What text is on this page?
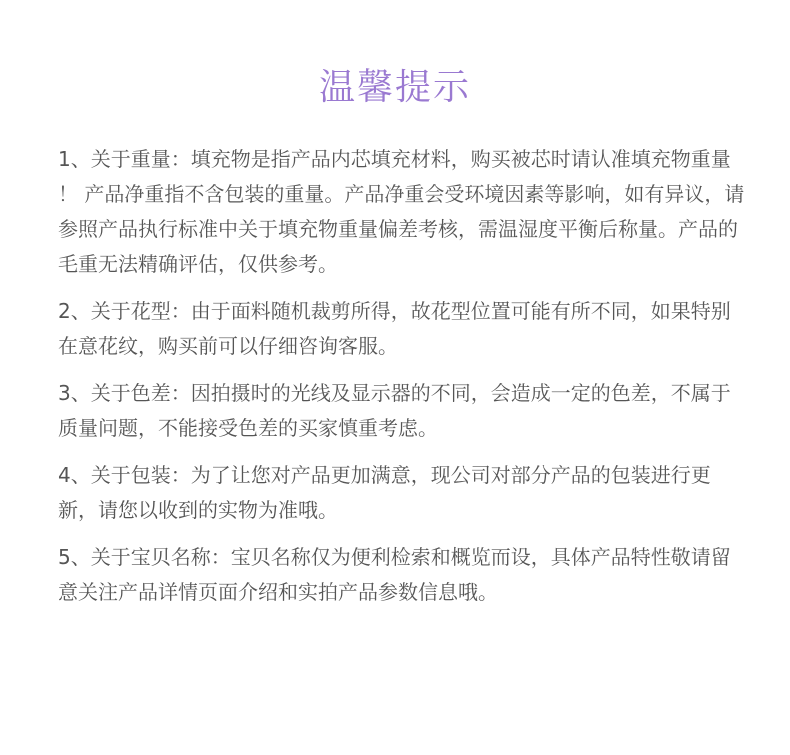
温馨提示

1、关于重量：填充物是指产品内芯填充材料，购买被芯时请认准填充物重量 ！ 产品净重指不含包装的重量。产品净重会受环境因素等影响，如有异议，请参照产品执行标准中关于填充物重量偏差考核，需温湿度平衡后称量。产品的毛重无法精确评估，仅供参考。

2、关于花型：由于面料随机裁剪所得，故花型位置可能有所不同，如果特别在意花纹，购买前可以仔细咨询客服。

3、关于色差：因拍摄时的光线及显示器的不同，会造成一定的色差，不属于质量问题，不能接受色差的买家慎重考虑。

4、关于包装：为了让您对产品更加满意，现公司对部分产品的包装进行更新，请您以收到的实物为准哦。

5、关于宝贝名称：宝贝名称仅为便利检索和概览而设，具体产品特性敬请留意关注产品详情页面介绍和实拍产品参数信息哦。
